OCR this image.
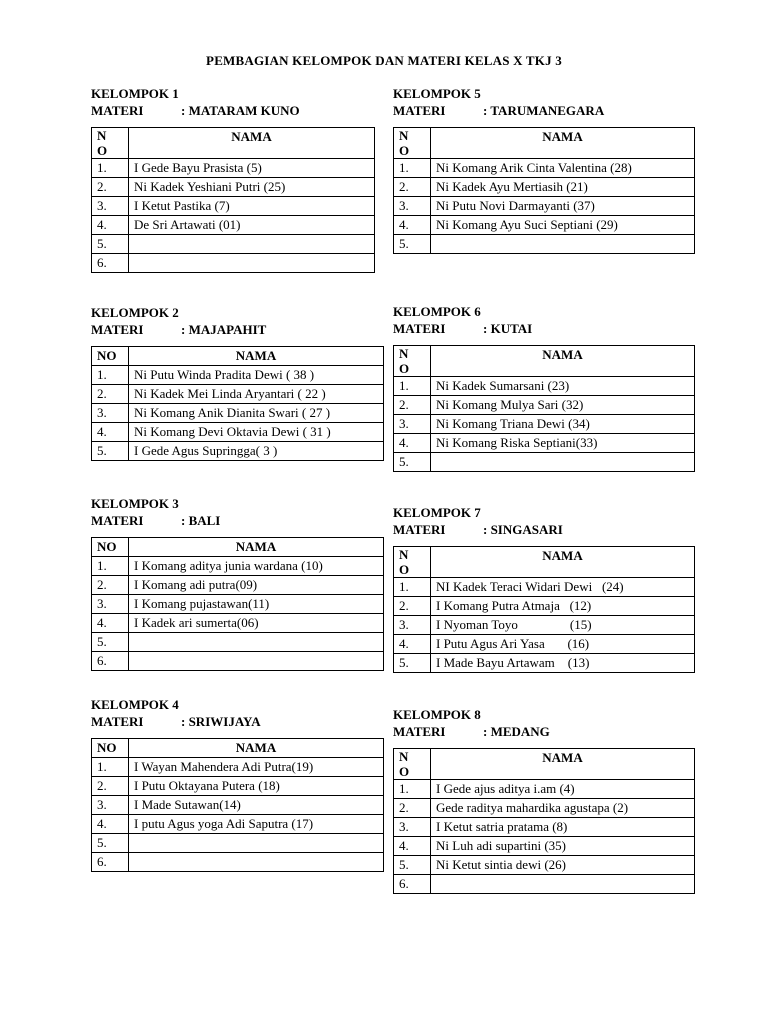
PEMBAGIAN KELOMPOK DAN MATERI KELAS X TKJ 3
KELOMPOK 1
MATERI	: MATARAM KUNO
N
O	NAMA
1.	I Gede Bayu Prasista (5)
2.	Ni Kadek Yeshiani Putri (25)
3.	I Ketut Pastika (7)
4.	De Sri Artawati (01)
5.	
6.	
KELOMPOK 2
MATERI	: MAJAPAHIT
NO	NAMA
1.	Ni Putu Winda Pradita Dewi ( 38 )
2.	Ni Kadek Mei Linda Aryantari ( 22 )
3.	Ni Komang Anik Dianita Swari ( 27 )
4.	Ni Komang Devi Oktavia Dewi ( 31 )
5.	I Gede Agus Supringga( 3 )
KELOMPOK 3
MATERI	: BALI
NO	NAMA
1.	I Komang aditya junia wardana (10)
2.	I Komang adi putra(09)
3.	I Komang pujastawan(11)
4.	I Kadek ari sumerta(06)
5.	
6.	
KELOMPOK 4
MATERI	: SRIWIJAYA
NO	NAMA
1.	I Wayan Mahendera Adi Putra(19)
2.	I Putu Oktayana Putera (18)
3.	I Made Sutawan(14)
4.	I putu Agus yoga Adi Saputra (17)
5.	
6.	
KELOMPOK 5
MATERI	: TARUMANEGARA
N
O	NAMA
1.	Ni Komang Arik Cinta Valentina (28)
2.	Ni Kadek Ayu Mertiasih (21)
3.	Ni Putu Novi Darmayanti (37)
4.	Ni Komang Ayu Suci Septiani (29)
5.	
KELOMPOK 6
MATERI	: KUTAI
N
O	NAMA
1.	Ni Kadek Sumarsani (23)
2.	Ni Komang Mulya Sari (32)
3.	Ni Komang Triana Dewi (34)
4.	Ni Komang Riska Septiani(33)
5.	
KELOMPOK 7
MATERI	: SINGASARI
N
O	NAMA
1.	NI Kadek Teraci Widari Dewi   (24)
2.	I Komang Putra Atmaja   (12)
3.	I Nyoman Toyo                (15)
4.	I Putu Agus Ari Yasa       (16)
5.	I Made Bayu Artawam    (13)
KELOMPOK 8
MATERI	: MEDANG
N
O	NAMA
1.	I Gede ajus aditya i.am (4)
2.	Gede raditya mahardika agustapa (2)
3.	I Ketut satria pratama (8)
4.	Ni Luh adi supartini (35)
5.	Ni Ketut sintia dewi (26)
6.	
